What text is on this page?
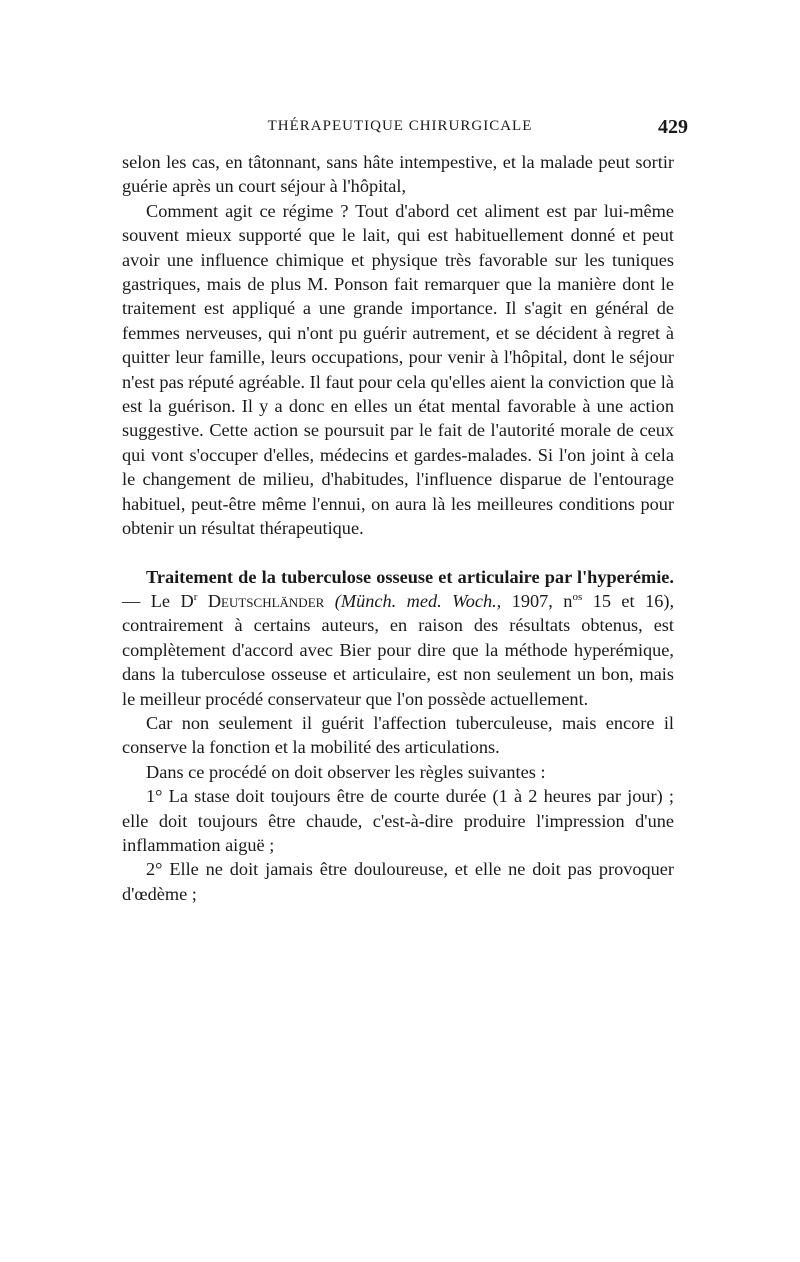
THÉRAPEUTIQUE CHIRURGICALE	429

selon les cas, en tâtonnant, sans hâte intempestive, et la malade peut sortir guérie après un court séjour à l'hôpital,

Comment agit ce régime ? Tout d'abord cet aliment est par lui-même souvent mieux supporté que le lait, qui est habituellement donné et peut avoir une influence chimique et physique très favorable sur les tuniques gastriques, mais de plus M. Ponson fait remarquer que la manière dont le traitement est appliqué a une grande importance. Il s'agit en général de femmes nerveuses, qui n'ont pu guérir autrement, et se décident à regret à quitter leur famille, leurs occupations, pour venir à l'hôpital, dont le séjour n'est pas réputé agréable. Il faut pour cela qu'elles aient la conviction que là est la guérison. Il y a donc en elles un état mental favorable à une action suggestive. Cette action se poursuit par le fait de l'autorité morale de ceux qui vont s'occuper d'elles, médecins et gardes-malades. Si l'on joint à cela le changement de milieu, d'habitudes, l'influence disparue de l'entourage habituel, peut-être même l'ennui, on aura là les meilleures conditions pour obtenir un résultat thérapeutique.

Traitement de la tuberculose osseuse et articulaire par l'hyperémie. — Le $D^r$ Deutschländer (Münch. med. Woch., 1907, $n^{os}$ 15 et 16), contrairement à certains auteurs, en raison des résultats obtenus, est complètement d'accord avec Bier pour dire que la méthode hyperémique, dans la tuberculose osseuse et articulaire, est non seulement un bon, mais le meilleur procédé conservateur que l'on possède actuellement.

Car non seulement il guérit l'affection tuberculeuse, mais encore il conserve la fonction et la mobilité des articulations.

Dans ce procédé on doit observer les règles suivantes :

1° La stase doit toujours être de courte durée (1 à 2 heures par jour) ; elle doit toujours être chaude, c'est-à-dire produire l'impression d'une inflammation aiguë ;

2° Elle ne doit jamais être douloureuse, et elle ne doit pas provoquer d'œdème ;
